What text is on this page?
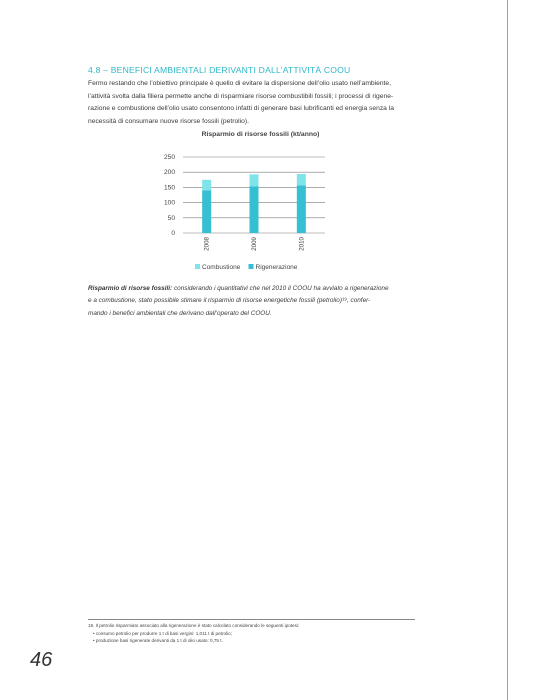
4.8 – BENEFICI AMBIENTALI DERIVANTI DALL’ATTIVITÀ COOU
Fermo restando che l’obiettivo principale è quello di evitare la dispersione dell’olio usato nell’ambiente,
l’attività svolta dalla filiera permette anche di risparmiare risorse combustibili fossili; i processi di rigene-
razione e combustione dell’olio usato consentono infatti di generare basi lubrificanti ed energia senza la
necessità di consumare nuove risorse fossili (petrolio).
Risparmio di risorse fossili (kt/anno)
0
50
100
150
200
250
2008	2009	2010
Combustione Rigenerazione
Risparmio di risorse fossili: considerando i quantitativi che nel 2010 il COOU ha avviato a rigenerazione
e a combustione, stato possibile stimare il risparmio di risorse energetiche fossili (petrolio)¹⁹, confer-
mando i benefici ambientali che derivano dall’operato del COOU.
19. Il petrolio risparmiato associato alla rigenerazione è stato calcolato considerando le seguenti ipotesi:
• consumo petrolio per produrre 1 t di basi vergini: 1,011 t di petrolio;
• produzione basi rigenerate derivanti da 1 t di olio usato: 0,75 t.
46
